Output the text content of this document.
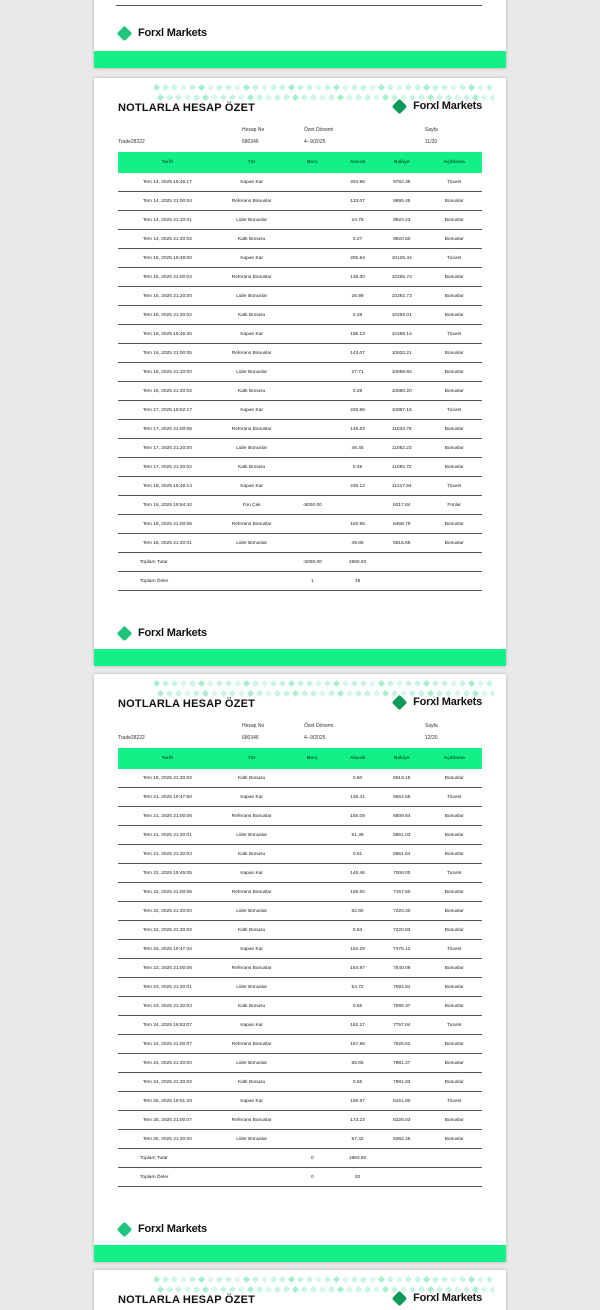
Forxl Markets
NOTLARLA HESAP ÖZET	Forxl Markets
Hesap No	Özet Dönemi	Sayfa
Trade28222	680346	4--9/2025	11/20
Tarih	Tür	Borç	Alacak	Bakiye	Açıklama
Tem 14, 2025 19:46:17	Kapan Kar		204.86	9782.38	Ticaret
Tem 14, 2025 21:00:04	Referans Bonuslar		133.07	9895.45	Bonuslar
Tem 14, 2025 21:20:01	Lider Bonuslar		24.78	9920.23	Bonuslar
Tem 14, 2025 21:20:02	Katk Bonusu		0.27	9920.50	Bonuslar
Tem 15, 2025 19:49:00	Kapan Kar		205.94	10126.44	Ticaret
Tem 15, 2025 21:00:04	Referans Bonuslar		139.30	10265.74	Bonuslar
Tem 15, 2025 21:20:00	Lider Bonuslar		26.99	10292.73	Bonuslar
Tem 15, 2025 21:20:02	Katk Bonusu		0.28	10293.01	Bonuslar
Tem 16, 2025 19:45:35	Kapan Kar		196.13	10489.14	Ticaret
Tem 16, 2025 21:00:05	Referans Bonuslar		143.07	10632.21	Bonuslar
Tem 16, 2025 21:20:00	Lider Bonuslar		27.71	10659.92	Bonuslar
Tem 16, 2025 21:20:02	Katk Bonusu		0.28	10660.20	Bonuslar
Tem 17, 2025 19:52:17	Kapan Kar		226.95	10887.15	Ticaret
Tem 17, 2025 21:00:06	Referans Bonuslar		146.63	11033.78	Bonuslar
Tem 17, 2025 21:20:00	Lider Bonuslar		48.45	11082.23	Bonuslar
Tem 17, 2025 21:20:02	Katk Bonusu		0.49	11082.72	Bonuslar
Tem 18, 2025 19:49:14	Kapan Kar		235.12	11317.84	Ticaret
Tem 18, 2025 19:54:42	Fon Çek	-5000.00		6317.84	Fonlar
Tem 18, 2025 21:00:06	Referans Bonuslar		150.95	6468.79	Bonuslar
Tem 18, 2025 21:20:01	Lider Bonuslar		49.86	6518.65	Bonuslar
Toplam Tutar		-5000.00	1960.93		
Toplam Öeler		1	19		
Forxl Markets
NOTLARLA HESAP ÖZET	Forxl Markets
Hesap No	Özet Dönemi	Sayfa
Trade28222	680346	4--9/2025	12/20
Tarih	Tür	Borç	Alacak	Bakiye	Açıklama
Tem 18, 2025 21:20:02	Katk Bonusu		0.50	6519.15	Bonuslar
Tem 21, 2025 19:47:50	Kapan Kar		135.41	6654.56	Ticaret
Tem 21, 2025 21:00:06	Referans Bonuslar		155.08	6809.64	Bonuslar
Tem 21, 2025 21:20:01	Lider Bonuslar		51.39	6861.03	Bonuslar
Tem 21, 2025 21:20:03	Katk Bonusu		0.51	6861.54	Bonuslar
Tem 22, 2025 19:45:05	Kapan Kar		146.46	7008.00	Ticaret
Tem 22, 2025 21:00:06	Referans Bonuslar		159.50	7167.50	Bonuslar
Tem 22, 2025 21:20:00	Lider Bonuslar		52.80	7220.30	Bonuslar
Tem 22, 2025 21:20:02	Katk Bonusu		0.53	7220.83	Bonuslar
Tem 23, 2025 19:47:34	Kapan Kar		154.29	7375.12	Ticaret
Tem 23, 2025 21:00:06	Referans Bonuslar		164.97	7540.09	Bonuslar
Tem 23, 2025 21:20:01	Lider Bonuslar		54.72	7594.81	Bonuslar
Tem 23, 2025 21:20:03	Katk Bonusu		0.56	7595.37	Bonuslar
Tem 24, 2025 19:53:07	Kapan Kar		162.27	7757.64	Ticaret
Tem 24, 2025 21:00:07	Referans Bonuslar		167.98	7925.62	Bonuslar
Tem 24, 2025 21:20:00	Lider Bonuslar		55.65	7981.27	Bonuslar
Tem 24, 2025 21:20:02	Katk Bonusu		0.56	7981.83	Bonuslar
Tem 25, 2025 19:51:29	Kapan Kar		169.97	8151.80	Ticaret
Tem 25, 2025 21:00:07	Referans Bonuslar		173.23	8325.03	Bonuslar
Tem 25, 2025 21:20:00	Lider Bonuslar		57.42	8382.45	Bonuslar
Toplam Tutar		0	1863.80		
Toplam Öeler		0	20		
Forxl Markets
NOTLARLA HESAP ÖZET	Forxl Markets
